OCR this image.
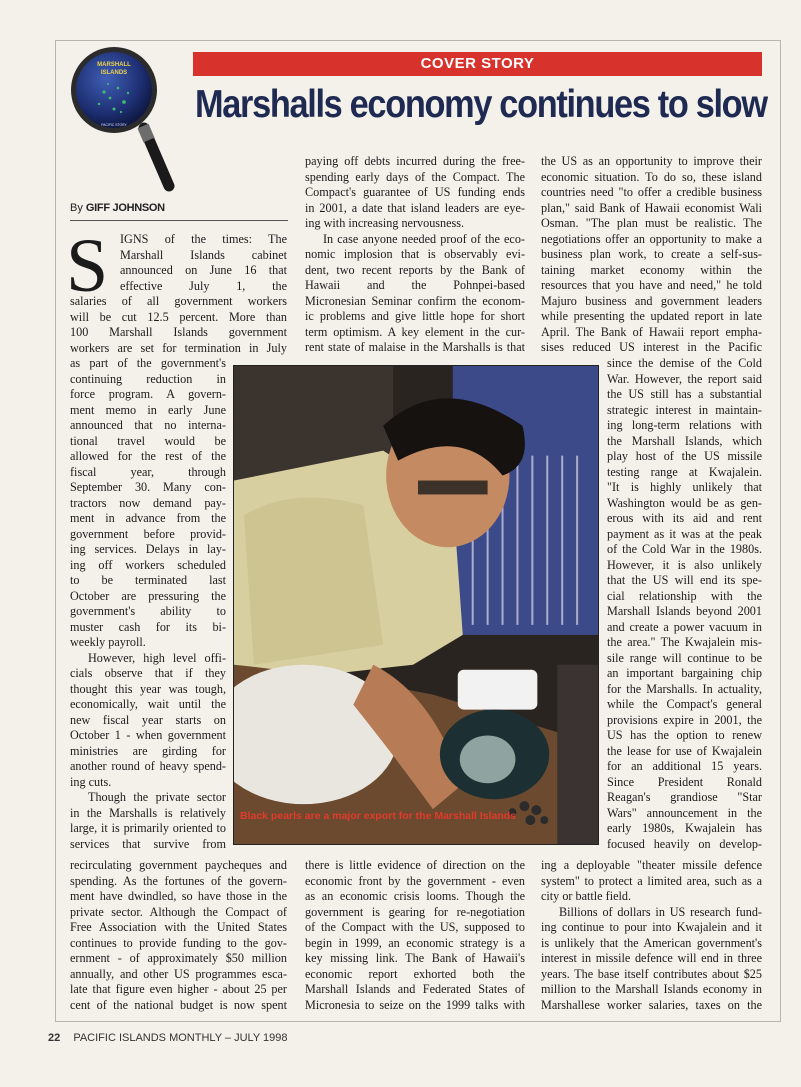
MARSHALL
ISLANDS
PACIFIC STORY
COVER STORY
Marshalls economy continues to slow
By GIFF JOHNSON
S IGNS of the times: The
Marshall Islands cabinet
announced on June 16 that
effective July 1, the
salaries of all government workers
will be cut 12.5 percent. More than
100 Marshall Islands government
workers are set for termination in July
as part of the government's
continuing reduction in
force program. A govern-
ment memo in early June
announced that no interna-
tional travel would be
allowed for the rest of the
fiscal year, through
September 30. Many con-
tractors now demand pay-
ment in advance from the
government before provid-
ing services. Delays in lay-
ing off workers scheduled
to be terminated last
October are pressuring the
government's ability to
muster cash for its bi-
weekly payroll.
However, high level offi-
cials observe that if they
thought this year was tough,
economically, wait until the
new fiscal year starts on
October 1 - when government
ministries are girding for
another round of heavy spend-
ing cuts.
Though the private sector
in the Marshalls is relatively
large, it is primarily oriented to
services that survive from
recirculating government paycheques and
spending. As the fortunes of the govern-
ment have dwindled, so have those in the
private sector. Although the Compact of
Free Association with the United States
continues to provide funding to the gov-
ernment - of approximately $50 million
annually, and other US programmes esca-
late that figure even higher - about 25 per
cent of the national budget is now spent
paying off debts incurred during the free-
spending early days of the Compact. The
Compact's guarantee of US funding ends
in 2001, a date that island leaders are eye-
ing with increasing nervousness.
In case anyone needed proof of the eco-
nomic implosion that is observably evi-
dent, two recent reports by the Bank of
Hawaii and the Pohnpei-based
Micronesian Seminar confirm the econom-
ic problems and give little hope for short
term optimism. A key element in the cur-
rent state of malaise in the Marshalls is that
there is little evidence of direction on the
economic front by the government - even
as an economic crisis looms. Though the
government is gearing for re-negotiation
of the Compact with the US, supposed to
begin in 1999, an economic strategy is a
key missing link. The Bank of Hawaii's
economic report exhorted both the
Marshall Islands and Federated States of
Micronesia to seize on the 1999 talks with
the US as an opportunity to improve their
economic situation. To do so, these island
countries need "to offer a credible business
plan," said Bank of Hawaii economist Wali
Osman. "The plan must be realistic. The
negotiations offer an opportunity to make a
business plan work, to create a self-sus-
taining market economy within the
resources that you have and need," he told
Majuro business and government leaders
while presenting the updated report in late
April. The Bank of Hawaii report empha-
sises reduced US interest in the Pacific
since the demise of the Cold
War. However, the report said
the US still has a substantial
strategic interest in maintain-
ing long-term relations with
the Marshall Islands, which
play host of the US missile
testing range at Kwajalein.
"It is highly unlikely that
Washington would be as gen-
erous with its aid and rent
payment as it was at the peak
of the Cold War in the 1980s.
However, it is also unlikely
that the US will end its spe-
cial relationship with the
Marshall Islands beyond 2001
and create a power vacuum in
the area." The Kwajalein mis-
sile range will continue to be
an important bargaining chip
for the Marshalls. In actuality,
while the Compact's general
provisions expire in 2001, the
US has the option to renew
the lease for use of Kwajalein
for an additional 15 years.
Since President Ronald
Reagan's grandiose "Star
Wars" announcement in the
early 1980s, Kwajalein has
focused heavily on develop-
ing a deployable "theater missile defence
system" to protect a limited area, such as a
city or battle field.
Billions of dollars in US research fund-
ing continue to pour into Kwajalein and it
is unlikely that the American government's
interest in missile defence will end in three
years. The base itself contributes about $25
million to the Marshall Islands economy in
Marshallese worker salaries, taxes on the
Black pearls are a major export for the Marshall Islands
22 PACIFIC ISLANDS MONTHLY – JULY 1998
